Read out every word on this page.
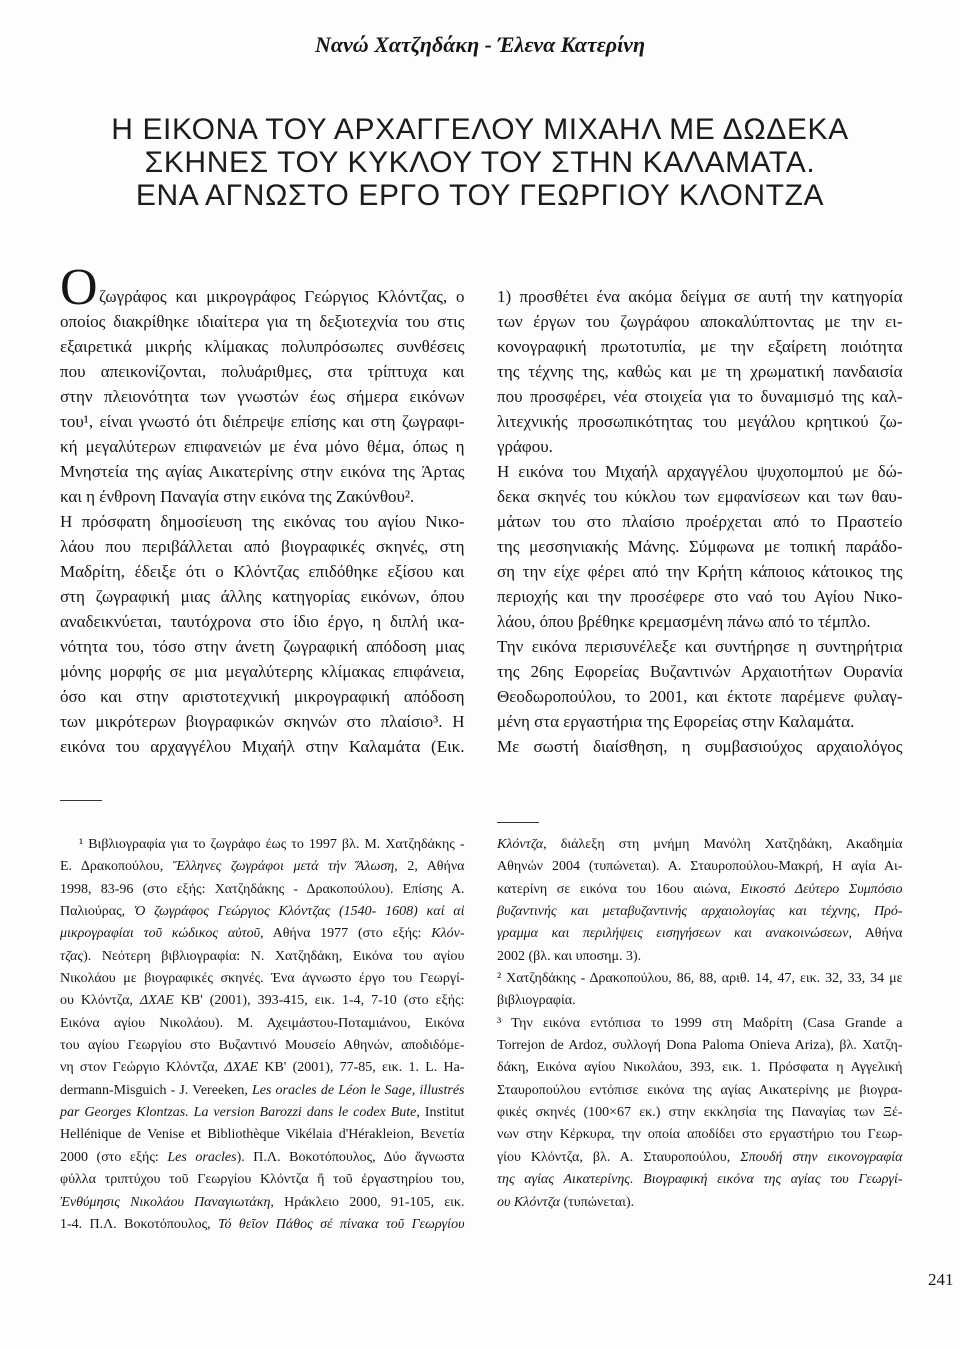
Νανώ Χατζηδάκη - Έλενα Κατερίνη
Η ΕΙΚΟΝΑ ΤΟΥ ΑΡΧΑΓΓΕΛΟΥ ΜΙΧΑΗΛ ΜΕ ΔΩΔΕΚΑ
ΣΚΗΝΕΣ ΤΟΥ ΚΥΚΛΟΥ ΤΟΥ ΣΤΗΝ ΚΑΛΑΜΑΤΑ.
ΕΝΑ ΑΓΝΩΣΤΟ ΕΡΓΟ ΤΟΥ ΓΕΩΡΓΙΟΥ ΚΛΟΝΤΖΑ
Ο ζωγράφος και μικρογράφος Γεώργιος Κλόντζας, ο
οποίος διακρίθηκε ιδιαίτερα για τη δεξιοτεχνία του στις
εξαιρετικά μικρής κλίμακας πολυπρόσωπες συνθέσεις
που απεικονίζονται, πολυάριθμες, στα τρίπτυχα και
στην πλειονότητα των γνωστών έως σήμερα εικόνων
του¹, είναι γνωστό ότι διέπρεψε επίσης και στη ζωγραφι-
κή μεγαλύτερων επιφανειών με ένα μόνο θέμα, όπως η
Μνηστεία της αγίας Αικατερίνης στην εικόνα της Άρτας
και η ένθρονη Παναγία στην εικόνα της Ζακύνθου².
Η πρόσφατη δημοσίευση της εικόνας του αγίου Νικο-
λάου που περιβάλλεται από βιογραφικές σκηνές, στη
Μαδρίτη, έδειξε ότι ο Κλόντζας επιδόθηκε εξίσου και
στη ζωγραφική μιας άλλης κατηγορίας εικόνων, όπου
αναδεικνύεται, ταυτόχρονα στο ίδιο έργο, η διπλή ικα-
νότητα του, τόσο στην άνετη ζωγραφική απόδοση μιας
μόνης μορφής σε μια μεγαλύτερης κλίμακας επιφάνεια,
όσο και στην αριστοτεχνική μικρογραφική απόδοση
των μικρότερων βιογραφικών σκηνών στο πλαίσιο³. Η
εικόνα του αρχαγγέλου Μιχαήλ στην Καλαμάτα (Εικ.
1) προσθέτει ένα ακόμα δείγμα σε αυτή την κατηγορία
των έργων του ζωγράφου αποκαλύπτοντας με την ει-
κονογραφική πρωτοτυπία, με την εξαίρετη ποιότητα
της τέχνης της, καθώς και με τη χρωματική πανδαισία
που προσφέρει, νέα στοιχεία για το δυναμισμό της καλ-
λιτεχνικής προσωπικότητας του μεγάλου κρητικού ζω-
γράφου.
Η εικόνα του Μιχαήλ αρχαγγέλου ψυχοπομπού με δώ-
δεκα σκηνές του κύκλου των εμφανίσεων και των θαυ-
μάτων του στο πλαίσιο προέρχεται από το Πραστείο
της μεσσηνιακής Μάνης. Σύμφωνα με τοπική παράδο-
ση την είχε φέρει από την Κρήτη κάποιος κάτοικος της
περιοχής και την προσέφερε στο ναό του Αγίου Νικο-
λάου, όπου βρέθηκε κρεμασμένη πάνω από το τέμπλο.
Την εικόνα περισυνέλεξε και συντήρησε η συντηρήτρια
της 26ης Εφορείας Βυζαντινών Αρχαιοτήτων Ουρανία
Θεοδωροπούλου, το 2001, και έκτοτε παρέμενε φυλαγ-
μένη στα εργαστήρια της Εφορείας στην Καλαμάτα.
Με σωστή διαίσθηση, η συμβασιούχος αρχαιολόγος
¹ Βιβλιογραφία για το ζωγράφο έως το 1997 βλ. Μ. Χατζηδάκης -
Ε. Δρακοπούλου, Ἕλληνες ζωγράφοι μετά τήν Ἅλωση, 2, Αθήνα
1998, 83-96 (στο εξής: Χατζηδάκης - Δρακοπούλου). Επίσης Α.
Παλιούρας, Ὁ ζωγράφος Γεώργιος Κλόντζας (1540- 1608) καί αἱ
μικρογραφίαι τοῦ κώδικος αὐτοῦ, Αθήνα 1977 (στο εξής: Κλόν-
τζας). Νεότερη βιβλιογραφία: Ν. Χατζηδάκη, Εικόνα του αγίου
Νικολάου με βιογραφικές σκηνές. Ένα άγνωστο έργο του Γεωργί-
ου Κλόντζα, ΔΧΑΕ ΚΒ' (2001), 393-415, εικ. 1-4, 7-10 (στο εξής:
Εικόνα αγίου Νικολάου). Μ. Αχειμάστου-Ποταμιάνου, Εικόνα
του αγίου Γεωργίου στο Βυζαντινό Μουσείο Αθηνών, αποδιδόμε-
νη στον Γεώργιο Κλόντζα, ΔΧΑΕ ΚΒ' (2001), 77-85, εικ. 1. L. Ha-
dermann-Misguich - J. Vereeken, Les oracles de Léon le Sage, illustrés
par Georges Klontzas. La version Barozzi dans le codex Bute, Institut
Hellénique de Venise et Bibliothèque Vikélaia d'Hérakleion, Βενετία
2000 (στο εξής: Les oracles). Π.Λ. Βοκοτόπουλος, Δύο ἄγνωστα
φύλλα τριπτύχου τοῦ Γεωργίου Κλόντζα ἤ τοῦ ἐργαστηρίου του,
Ἐνθύμησις Νικολάου Παναγιωτάκη, Ηράκλειο 2000, 91-105, εικ.
1-4. Π.Λ. Βοκοτόπουλος, Τό θεῖον Πάθος σέ πίνακα τοῦ Γεωργίου
Κλόντζα, διάλεξη στη μνήμη Μανόλη Χατζηδάκη, Ακαδημία
Αθηνών 2004 (τυπώνεται). Α. Σταυροπούλου-Μακρή, Η αγία Αι-
κατερίνη σε εικόνα του 16ου αιώνα, Εικοστό Δεύτερο Συμπόσιο
βυζαντινής και μεταβυζαντινής αρχαιολογίας και τέχνης, Πρό-
γραμμα και περιλήψεις εισηγήσεων και ανακοινώσεων, Αθήνα
2002 (βλ. και υποσημ. 3).
² Χατζηδάκης - Δρακοπούλου, 86, 88, αριθ. 14, 47, εικ. 32, 33, 34 με
βιβλιογραφία.
³ Την εικόνα εντόπισα το 1999 στη Μαδρίτη (Casa Grande a
Torrejon de Ardoz, συλλογή Dona Paloma Onieva Ariza), βλ. Χατζη-
δάκη, Εικόνα αγίου Νικολάου, 393, εικ. 1. Πρόσφατα η Αγγελική
Σταυροπούλου εντόπισε εικόνα της αγίας Αικατερίνης με βιογρα-
φικές σκηνές (100×67 εκ.) στην εκκλησία της Παναγίας των Ξέ-
νων στην Κέρκυρα, την οποία αποδίδει στο εργαστήριο του Γεωρ-
γίου Κλόντζα, βλ. Α. Σταυροπούλου, Σπουδή στην εικονογραφία
της αγίας Αικατερίνης. Βιογραφική εικόνα της αγίας του Γεωργί-
ου Κλόντζα (τυπώνεται).
241
